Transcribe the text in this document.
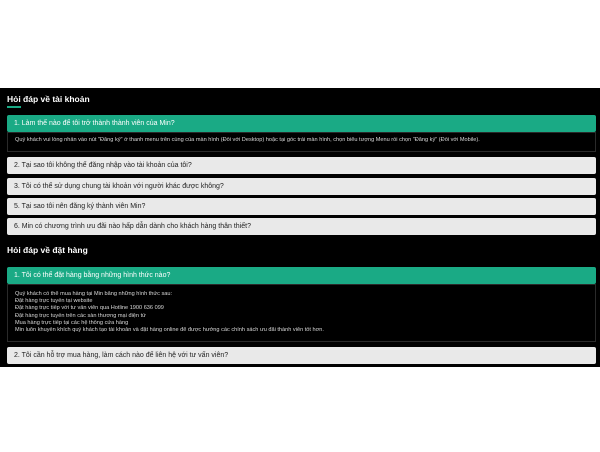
Hỏi đáp về tài khoản
1. Làm thế nào để tôi trở thành thành viên của Min?

Quý khách vui lòng nhấn vào nút "Đăng ký" ở thanh menu trên cùng của màn hình (Đối với Desktop) hoặc tại góc trái màn hình, chọn biểu tượng Menu rồi chọn "Đăng ký" (Đối với Mobile).

2. Tại sao tôi không thể đăng nhập vào tài khoản của tôi?
3. Tôi có thể sử dụng chung tài khoản với người khác được không?
5. Tại sao tôi nên đăng ký thành viên Min?
6. Min có chương trình ưu đãi nào hấp dẫn dành cho khách hàng thân thiết?
Hỏi đáp về đặt hàng
1. Tôi có thể đặt hàng bằng những hình thức nào?

Quý khách có thể mua hàng tại Min bằng những hình thức sau:

Đặt hàng trực tuyến tại website

Đặt hàng trực tiếp với tư vấn viên qua Hotline 1900 636 099

Đặt hàng trực tuyến trên các sàn thương mại điện tử

Mua hàng trực tiếp tại các hệ thống cửa hàng

Min luôn khuyến khích quý khách tạo tài khoản và đặt hàng online để được hưởng các chính sách ưu đãi thành viên tốt hơn.

2. Tôi cần hỗ trợ mua hàng, làm cách nào để liên hệ với tư vấn viên?
